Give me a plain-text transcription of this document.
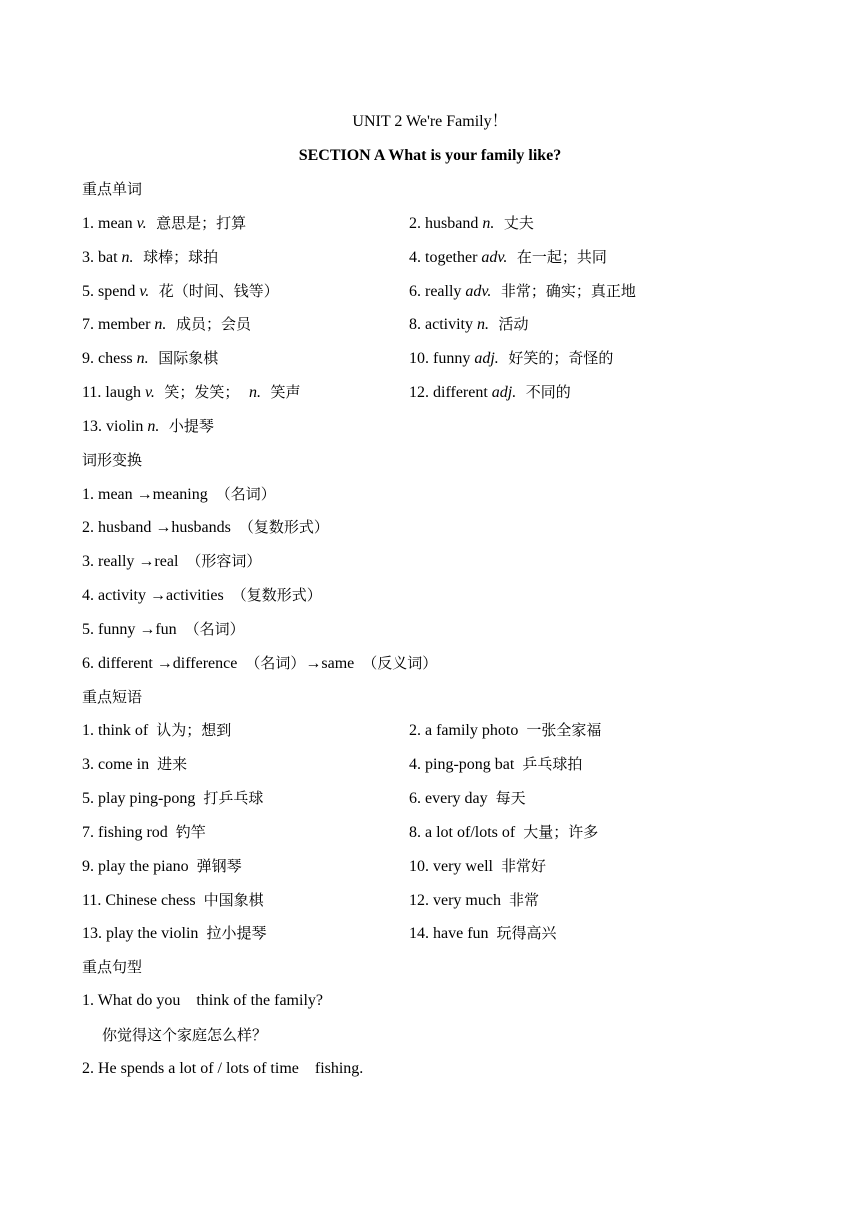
UNIT 2 We're Family！
SECTION A What is your family like?
重点单词
1. mean v.  意思是；打算	2. husband n.  丈夫
3. bat n.  球棒；球拍	4. together adv.  在一起；共同
5. spend v.  花（时间、钱等）	6. really adv.  非常；确实；真正地
7. member n.  成员；会员	8. activity n.  活动
9. chess n.  国际象棋	10. funny adj.  好笑的；奇怪的
11. laugh v.  笑；发笑；  n.  笑声	12. different adj.  不同的
13. violin n.  小提琴
词形变换
1. mean →meaning  （名词）
2. husband →husbands  （复数形式）
3. really →real  （形容词）
4. activity →activities  （复数形式）
5. funny →fun  （名词）
6. different →difference  （名词）→same  （反义词）
重点短语
1. think of  认为；想到	2. a family photo  一张全家福
3. come in  进来	4. ping-pong bat  乒乓球拍
5. play ping-pong  打乒乓球	6. every day  每天
7. fishing rod  钓竿	8. a lot of/lots of  大量；许多
9. play the piano  弹钢琴	10. very well  非常好
11. Chinese chess  中国象棋	12. very much  非常
13. play the violin  拉小提琴	14. have fun  玩得高兴
重点句型
1. What do you    think of the family?
你觉得这个家庭怎么样？
2. He spends a lot of / lots of time    fishing.
